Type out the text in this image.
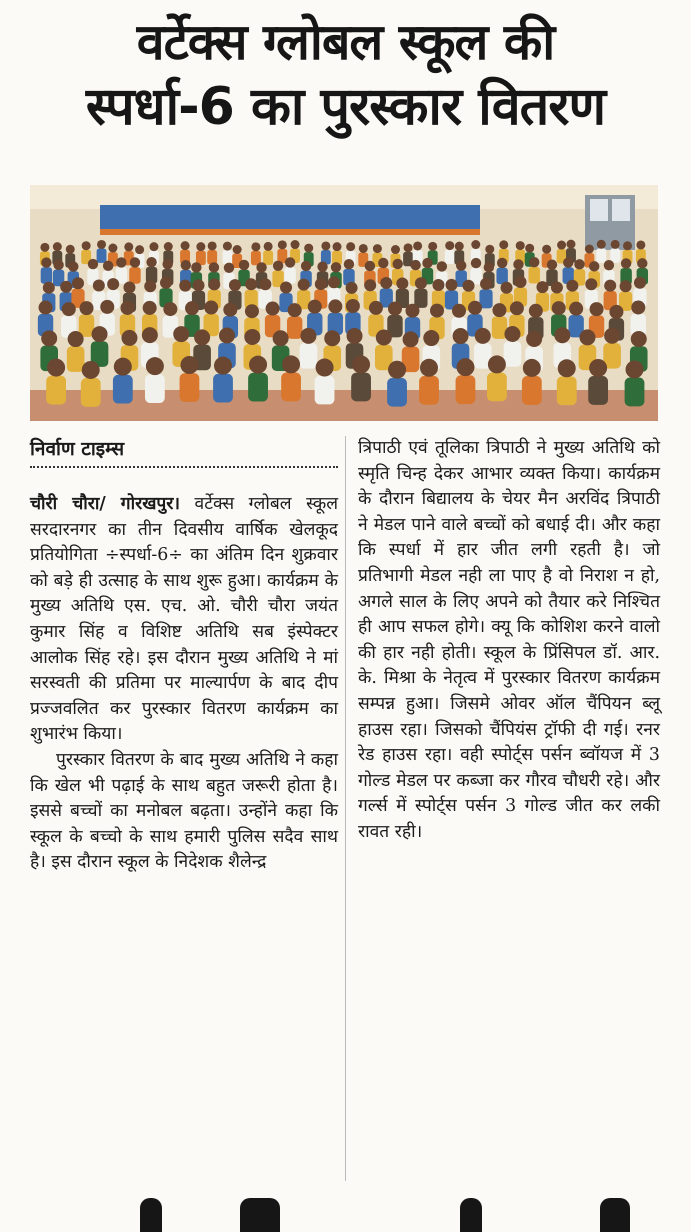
वर्टेक्स ग्लोबल स्कूल की
स्पर्धा-6 का पुरस्कार वितरण
निर्वाण टाइम्स

चौरी चौरा/ गोरखपुर। वर्टेक्स ग्लोबल स्कूल सरदारनगर का तीन दिवसीय वार्षिक खेलकूद प्रतियोगिता ÷स्पर्धा-6÷ का अंतिम दिन शुक्रवार को बड़े ही उत्साह के साथ शुरू हुआ। कार्यक्रम के मुख्य अतिथि एस. एच. ओ. चौरी चौरा जयंत कुमार सिंह व विशिष्ट अतिथि सब इंस्पेक्टर आलोक सिंह रहे। इस दौरान मुख्य अतिथि ने मां सरस्वती की प्रतिमा पर माल्यार्पण के बाद दीप प्रज्जवलित कर पुरस्कार वितरण कार्यक्रम का शुभारंभ किया।

पुरस्कार वितरण के बाद मुख्य अतिथि ने कहा कि खेल भी पढ़ाई के साथ बहुत जरूरी होता है। इससे बच्चों का मनोबल बढ़ता। उन्होंने कहा कि स्कूल के बच्चो के साथ हमारी पुलिस सदैव साथ है। इस दौरान स्कूल के निदेशक शैलेन्द्र

त्रिपाठी एवं तूलिका त्रिपाठी ने मुख्य अतिथि को स्मृति चिन्ह देकर आभार व्यक्त किया। कार्यक्रम के दौरान बिद्यालय के चेयर मैन अरविंद त्रिपाठी ने मेडल पाने वाले बच्चों को बधाई दी। और कहा कि स्पर्धा में हार जीत लगी रहती है। जो प्रतिभागी मेडल नही ला पाए है वो निराश न हो, अगले साल के लिए अपने को तैयार करे निश्चित ही आप सफल होगे। क्यू कि कोशिश करने वालो की हार नही होती। स्कूल के प्रिंसिपल डॉ. आर. के. मिश्रा के नेतृत्व में पुरस्कार वितरण कार्यक्रम सम्पन्न हुआ। जिसमे ओवर ऑल चैंपियन ब्लू हाउस रहा। जिसको चैंपियंस ट्रॉफी दी गई। रनर रेड हाउस रहा। वही स्पोर्ट्स पर्सन ब्वॉयज में 3 गोल्ड मेडल पर कब्जा कर गौरव चौधरी रहे। और गर्ल्स में स्पोर्ट्स पर्सन 3 गोल्ड जीत कर लकी रावत रही।
